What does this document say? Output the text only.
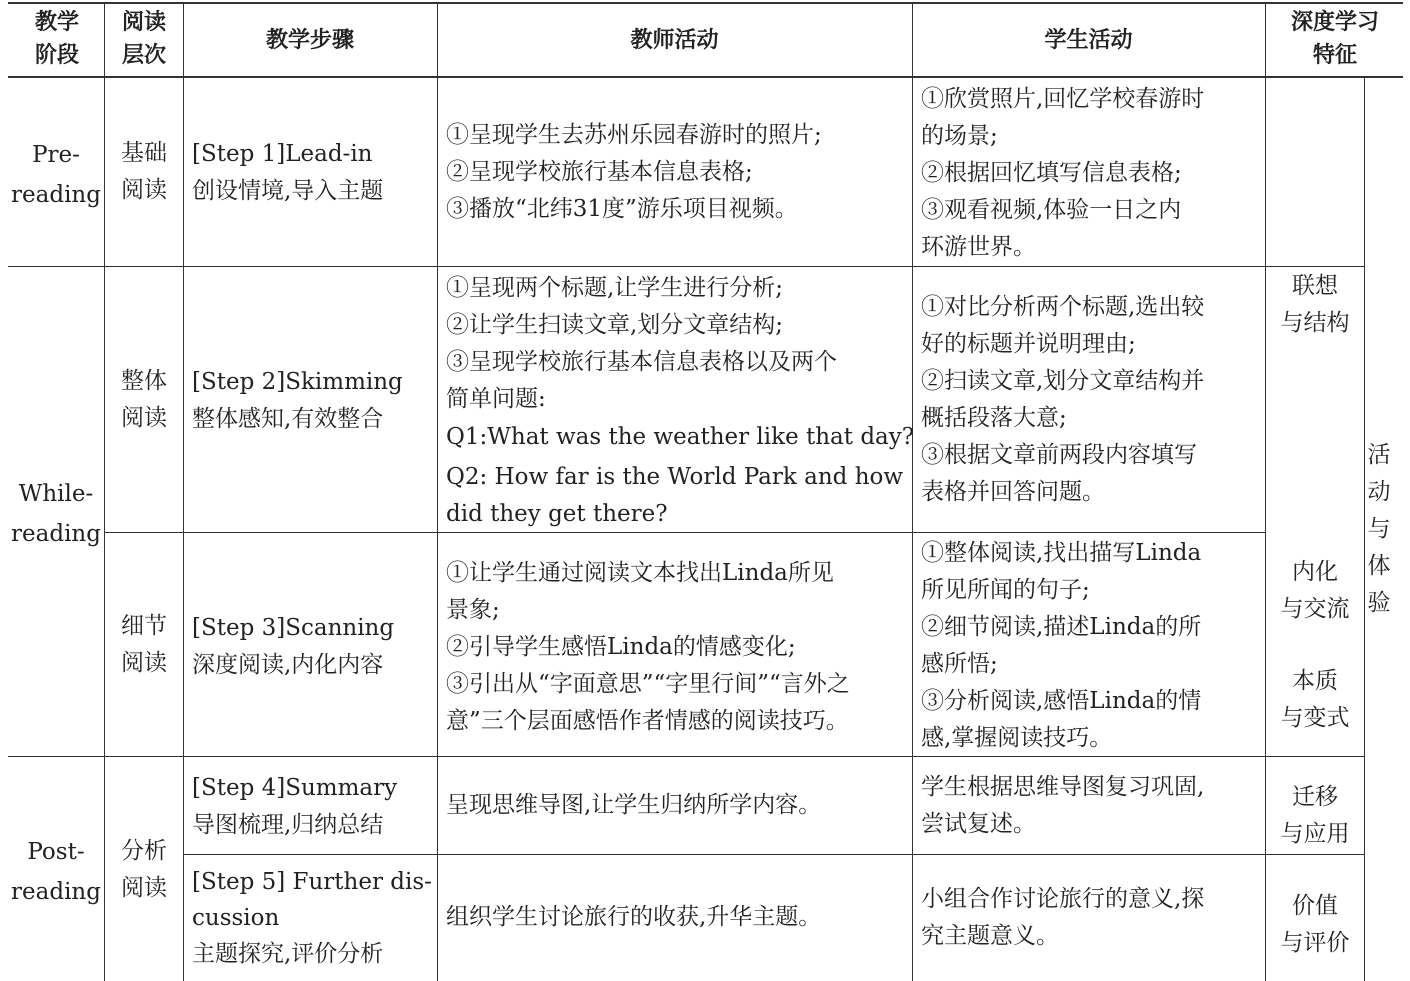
教学
阶段
阅读
层次
教学步骤	教师活动	学生活动
深度学习
特征
Pre-
reading
While-
reading
Post-
reading
基础
阅读
整体
阅读
细节
阅读
分析
阅读
[Step 1]Lead-in
创设情境,导入主题
[Step 2]Skimming
整体感知,有效整合
[Step 3]Scanning
深度阅读,内化内容
[Step 4]Summary
导图梳理,归纳总结
[Step 5] Further dis-
cussion
主题探究,评价分析
①呈现学生去苏州乐园春游时的照片;
②呈现学校旅行基本信息表格;
③播放“北纬31度”游乐项目视频。
①呈现两个标题,让学生进行分析;
②让学生扫读文章,划分文章结构;
③呈现学校旅行基本信息表格以及两个
简单问题:
Q1:What was the weather like that day?
Q2: How far is the World Park and how
did they get there?
①让学生通过阅读文本找出Linda所见
景象;
②引导学生感悟Linda的情感变化;
③引出从“字面意思”“字里行间”“言外之
意”三个层面感悟作者情感的阅读技巧。
呈现思维导图,让学生归纳所学内容。
组织学生讨论旅行的收获,升华主题。
①欣赏照片,回忆学校春游时
的场景;
②根据回忆填写信息表格;
③观看视频,体验一日之内
环游世界。
①对比分析两个标题,选出较
好的标题并说明理由;
②扫读文章,划分文章结构并
概括段落大意;
③根据文章前两段内容填写
表格并回答问题。
①整体阅读,找出描写Linda
所见所闻的句子;
②细节阅读,描述Linda的所
感所悟;
③分析阅读,感悟Linda的情
感,掌握阅读技巧。
学生根据思维导图复习巩固,
尝试复述。
小组合作讨论旅行的意义,探
究主题意义。
联想
与结构
内化
与交流
本质
与变式
迁移
与应用
价值
与评价
活
动
与
体
验
